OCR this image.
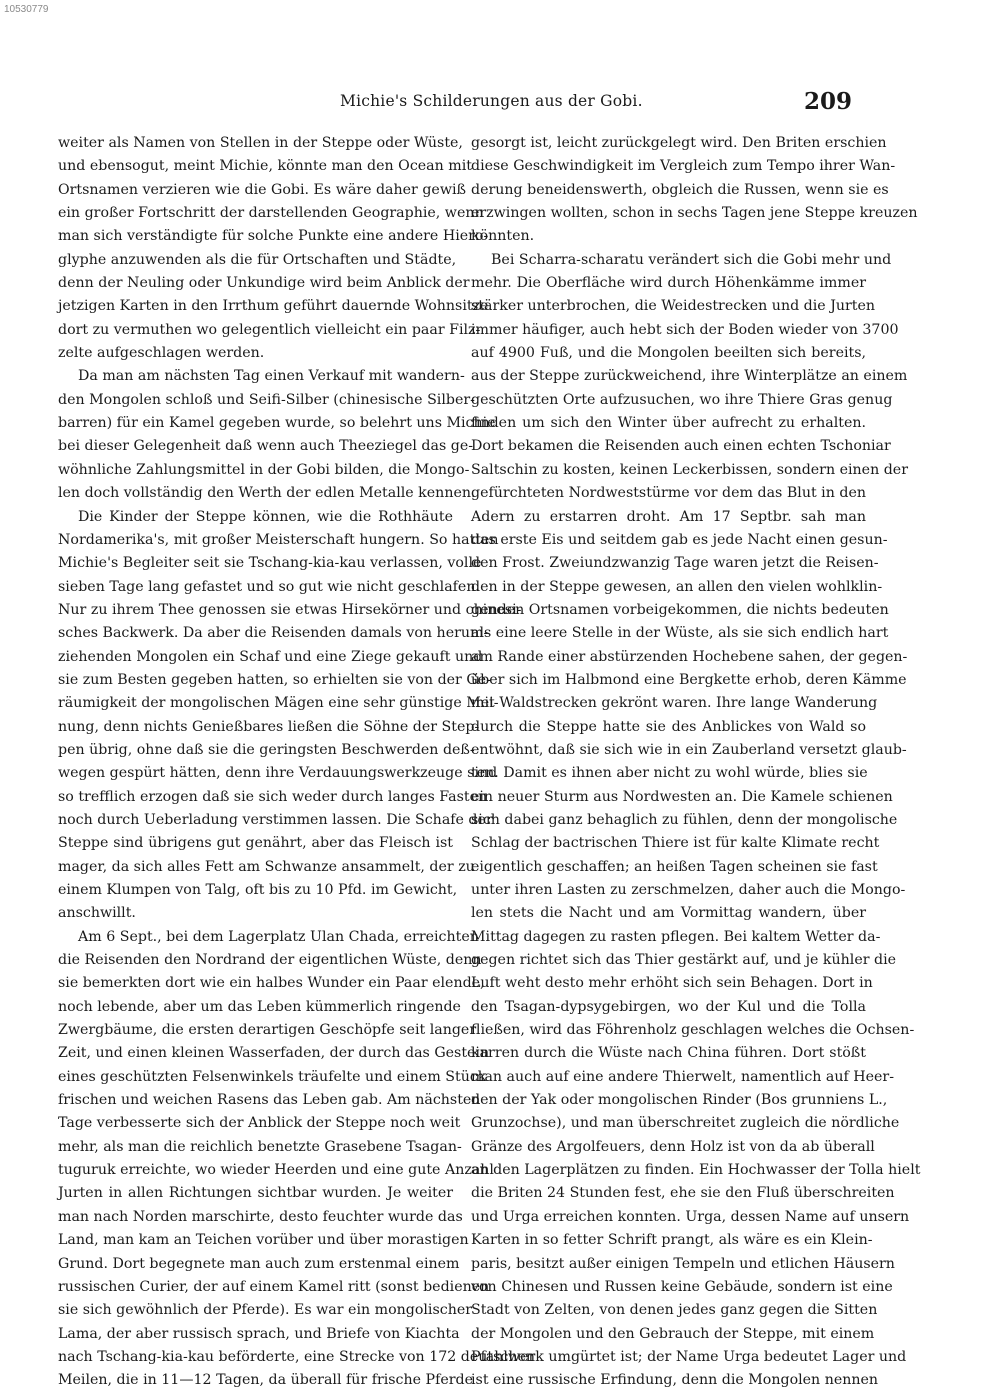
10530779
Michie's Schilderungen aus der Gobi.	209
weiter als Namen von Stellen in der Steppe oder Wüste,
und ebensogut, meint Michie, könnte man den Ocean mit
Ortsnamen verzieren wie die Gobi. Es wäre daher gewiß
ein großer Fortschritt der darstellenden Geographie, wenn
man sich verständigte für solche Punkte eine andere Hiero-
glyphe anzuwenden als die für Ortschaften und Städte,
denn der Neuling oder Unkundige wird beim Anblick der
jetzigen Karten in den Irrthum geführt dauernde Wohnsitze
dort zu vermuthen wo gelegentlich vielleicht ein paar Filz-
zelte aufgeschlagen werden.
Da man am nächsten Tag einen Verkauf mit wandern-
den Mongolen schloß und Seifi-Silber (chinesische Silber-
barren) für ein Kamel gegeben wurde, so belehrt uns Michie
bei dieser Gelegenheit daß wenn auch Theeziegel das ge-
wöhnliche Zahlungsmittel in der Gobi bilden, die Mongo-
len doch vollständig den Werth der edlen Metalle kennen.
Die Kinder der Steppe können, wie die Rothhäute
Nordamerika's, mit großer Meisterschaft hungern. So hatten
Michie's Begleiter seit sie Tschang-kia-kau verlassen, volle
sieben Tage lang gefastet und so gut wie nicht geschlafen.
Nur zu ihrem Thee genossen sie etwas Hirsekörner und chinesi-
sches Backwerk. Da aber die Reisenden damals von herum-
ziehenden Mongolen ein Schaf und eine Ziege gekauft und
sie zum Besten gegeben hatten, so erhielten sie von der Ge-
räumigkeit der mongolischen Mägen eine sehr günstige Mei-
nung, denn nichts Genießbares ließen die Söhne der Step-
pen übrig, ohne daß sie die geringsten Beschwerden deß-
wegen gespürt hätten, denn ihre Verdauungswerkzeuge sind
so trefflich erzogen daß sie sich weder durch langes Fasten
noch durch Ueberladung verstimmen lassen. Die Schafe der
Steppe sind übrigens gut genährt, aber das Fleisch ist
mager, da sich alles Fett am Schwanze ansammelt, der zu
einem Klumpen von Talg, oft bis zu 10 Pfd. im Gewicht,
anschwillt.
Am 6 Sept., bei dem Lagerplatz Ulan Chada, erreichten
die Reisenden den Nordrand der eigentlichen Wüste, denn
sie bemerkten dort wie ein halbes Wunder ein Paar elende,
noch lebende, aber um das Leben kümmerlich ringende
Zwergbäume, die ersten derartigen Geschöpfe seit langer
Zeit, und einen kleinen Wasserfaden, der durch das Gestein
eines geschützten Felsenwinkels träufelte und einem Stück
frischen und weichen Rasens das Leben gab. Am nächsten
Tage verbesserte sich der Anblick der Steppe noch weit
mehr, als man die reichlich benetzte Grasebene Tsagan-
tuguruk erreichte, wo wieder Heerden und eine gute Anzahl
Jurten in allen Richtungen sichtbar wurden. Je weiter
man nach Norden marschirte, desto feuchter wurde das
Land, man kam an Teichen vorüber und über morastigen
Grund. Dort begegnete man auch zum erstenmal einem
russischen Curier, der auf einem Kamel ritt (sonst bedienen
sie sich gewöhnlich der Pferde). Es war ein mongolischer
Lama, der aber russisch sprach, und Briefe von Kiachta
nach Tschang-kia-kau beförderte, eine Strecke von 172 deutschen
Meilen, die in 11—12 Tagen, da überall für frische Pferde
gesorgt ist, leicht zurückgelegt wird. Den Briten erschien
diese Geschwindigkeit im Vergleich zum Tempo ihrer Wan-
derung beneidenswerth, obgleich die Russen, wenn sie es
erzwingen wollten, schon in sechs Tagen jene Steppe kreuzen
könnten.
Bei Scharra-scharatu verändert sich die Gobi mehr und
mehr. Die Oberfläche wird durch Höhenkämme immer
stärker unterbrochen, die Weidestrecken und die Jurten
immer häufiger, auch hebt sich der Boden wieder von 3700
auf 4900 Fuß, und die Mongolen beeilten sich bereits,
aus der Steppe zurückweichend, ihre Winterplätze an einem
geschützten Orte aufzusuchen, wo ihre Thiere Gras genug
finden um sich den Winter über aufrecht zu erhalten.
Dort bekamen die Reisenden auch einen echten Tschoniar
Saltschin zu kosten, keinen Leckerbissen, sondern einen der
gefürchteten Nordweststürme vor dem das Blut in den
Adern zu erstarren droht. Am 17 Septbr. sah man
das erste Eis und seitdem gab es jede Nacht einen gesun-
den Frost. Zweiundzwanzig Tage waren jetzt die Reisen-
den in der Steppe gewesen, an allen den vielen wohlklin-
genden Ortsnamen vorbeigekommen, die nichts bedeuten
als eine leere Stelle in der Wüste, als sie sich endlich hart
am Rande einer abstürzenden Hochebene sahen, der gegen-
über sich im Halbmond eine Bergkette erhob, deren Kämme
mit Waldstrecken gekrönt waren. Ihre lange Wanderung
durch die Steppe hatte sie des Anblickes von Wald so
entwöhnt, daß sie sich wie in ein Zauberland versetzt glaub-
ten. Damit es ihnen aber nicht zu wohl würde, blies sie
ein neuer Sturm aus Nordwesten an. Die Kamele schienen
sich dabei ganz behaglich zu fühlen, denn der mongolische
Schlag der bactrischen Thiere ist für kalte Klimate recht
eigentlich geschaffen; an heißen Tagen scheinen sie fast
unter ihren Lasten zu zerschmelzen, daher auch die Mongo-
len stets die Nacht und am Vormittag wandern, über
Mittag dagegen zu rasten pflegen. Bei kaltem Wetter da-
gegen richtet sich das Thier gestärkt auf, und je kühler die
Luft weht desto mehr erhöht sich sein Behagen. Dort in
den Tsagan-dypsygebirgen, wo der Kul und die Tolla
fließen, wird das Föhrenholz geschlagen welches die Ochsen-
karren durch die Wüste nach China führen. Dort stößt
man auch auf eine andere Thierwelt, namentlich auf Heer-
den der Yak oder mongolischen Rinder (Bos grunniens L.,
Grunzochse), und man überschreitet zugleich die nördliche
Gränze des Argolfeuers, denn Holz ist von da ab überall
an den Lagerplätzen zu finden. Ein Hochwasser der Tolla hielt
die Briten 24 Stunden fest, ehe sie den Fluß überschreiten
und Urga erreichen konnten. Urga, dessen Name auf unsern
Karten in so fetter Schrift prangt, als wäre es ein Klein-
paris, besitzt außer einigen Tempeln und etlichen Häusern
von Chinesen und Russen keine Gebäude, sondern ist eine
Stadt von Zelten, von denen jedes ganz gegen die Sitten
der Mongolen und den Gebrauch der Steppe, mit einem
Pfahlwerk umgürtet ist; der Name Urga bedeutet Lager und
ist eine russische Erfindung, denn die Mongolen nennen
